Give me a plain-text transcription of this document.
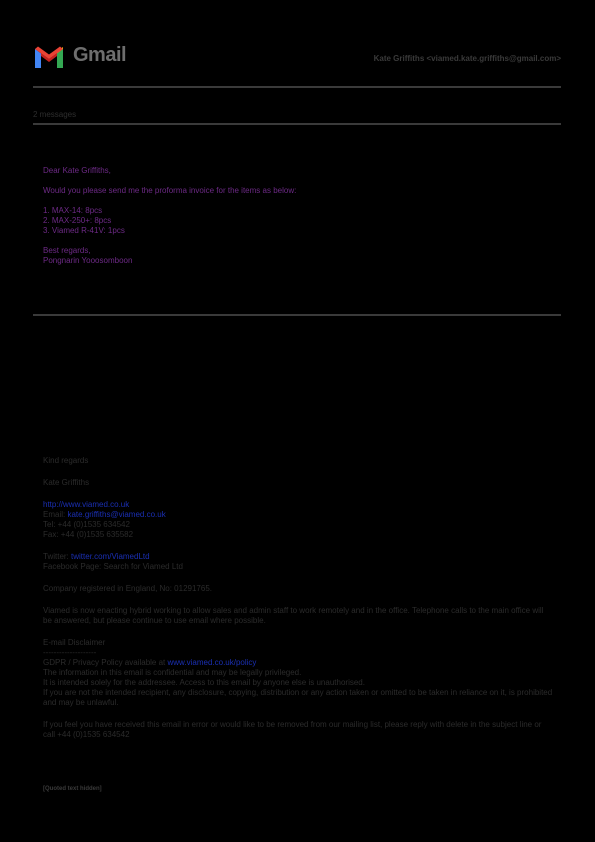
Gmail	Kate Griffiths <viamed.kate.griffiths@gmail.com>
2 messages

Dear Kate Griffiths,

Would you please send me the proforma invoice for the items as below:

1. MAX-14: 8pcs

2. MAX-250+: 8pcs

3. Viamed R-41V: 1pcs

Best regards,

Pongnarin Yooosomboon

Kind regards

Kate Griffiths

http://www.viamed.co.uk

Email: kate.griffiths@viamed.co.uk

Tel: +44 (0)1535 634542

Fax: +44 (0)1535 635582

Twitter: twitter.com/ViamedLtd

Facebook Page: Search for Viamed Ltd

Company registered in England, No: 01291765.

Viamed is now enacting hybrid working to allow sales and admin staff to work remotely and in the office. Telephone calls to the main office will be answered, but please continue to use email where possible.

E-mail Disclaimer

--------------------

GDPR / Privacy Policy available at www.viamed.co.uk/policy

The information in this email is confidential and may be legally privileged.

It is intended solely for the addressee. Access to this email by anyone else is unauthorised.

If you are not the intended recipient, any disclosure, copying, distribution or any action taken or omitted to be taken in reliance on it, is prohibited and may be unlawful.

If you feel you have received this email in error or would like to be removed from our mailing list, please reply with delete in the subject line or call +44 (0)1535 634542

[Quoted text hidden]
